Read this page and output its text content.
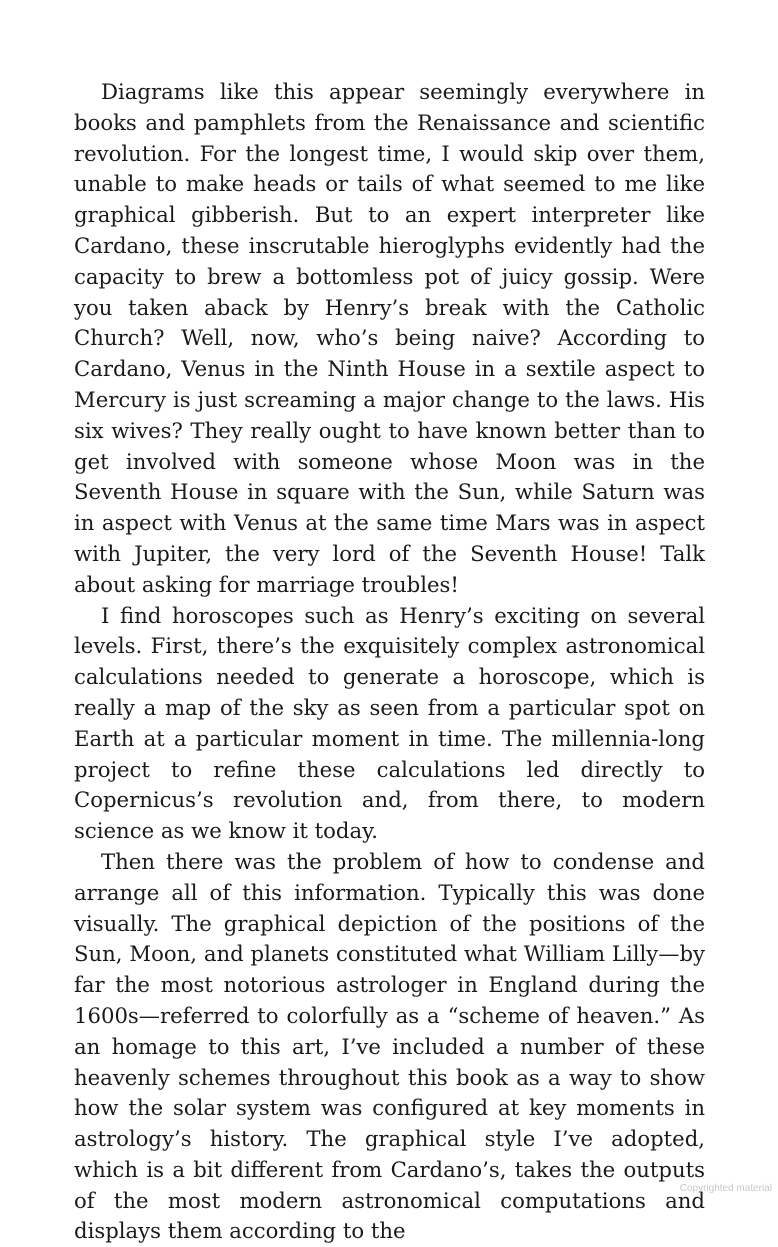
Diagrams like this appear seemingly everywhere in books and pamphlets from the Renaissance and scientific revolution. For the longest time, I would skip over them, unable to make heads or tails of what seemed to me like graphical gibberish. But to an expert interpreter like Cardano, these inscrutable hieroglyphs evidently had the capacity to brew a bottomless pot of juicy gossip. Were you taken aback by Henry’s break with the Catholic Church? Well, now, who’s being naive? According to Cardano, Venus in the Ninth House in a sextile aspect to Mercury is just screaming a major change to the laws. His six wives? They really ought to have known better than to get involved with someone whose Moon was in the Seventh House in square with the Sun, while Saturn was in aspect with Venus at the same time Mars was in aspect with Jupiter, the very lord of the Seventh House! Talk about asking for marriage troubles!

I find horoscopes such as Henry’s exciting on several levels. First, there’s the exquisitely complex astronomical calculations needed to generate a horoscope, which is really a map of the sky as seen from a particular spot on Earth at a particular moment in time. The millennia-long project to refine these calculations led directly to Copernicus’s revolution and, from there, to modern science as we know it today.

Then there was the problem of how to condense and arrange all of this information. Typically this was done visually. The graphical depiction of the positions of the Sun, Moon, and planets constituted what William Lilly—by far the most notorious astrologer in England during the 1600s—referred to colorfully as a “scheme of heaven.” As an homage to this art, I’ve included a number of these heavenly schemes throughout this book as a way to show how the solar system was configured at key moments in astrology’s history. The graphical style I’ve adopted, which is a bit different from Cardano’s, takes the outputs of the most modern astronomical computations and displays them according to the

Copyrighted material
